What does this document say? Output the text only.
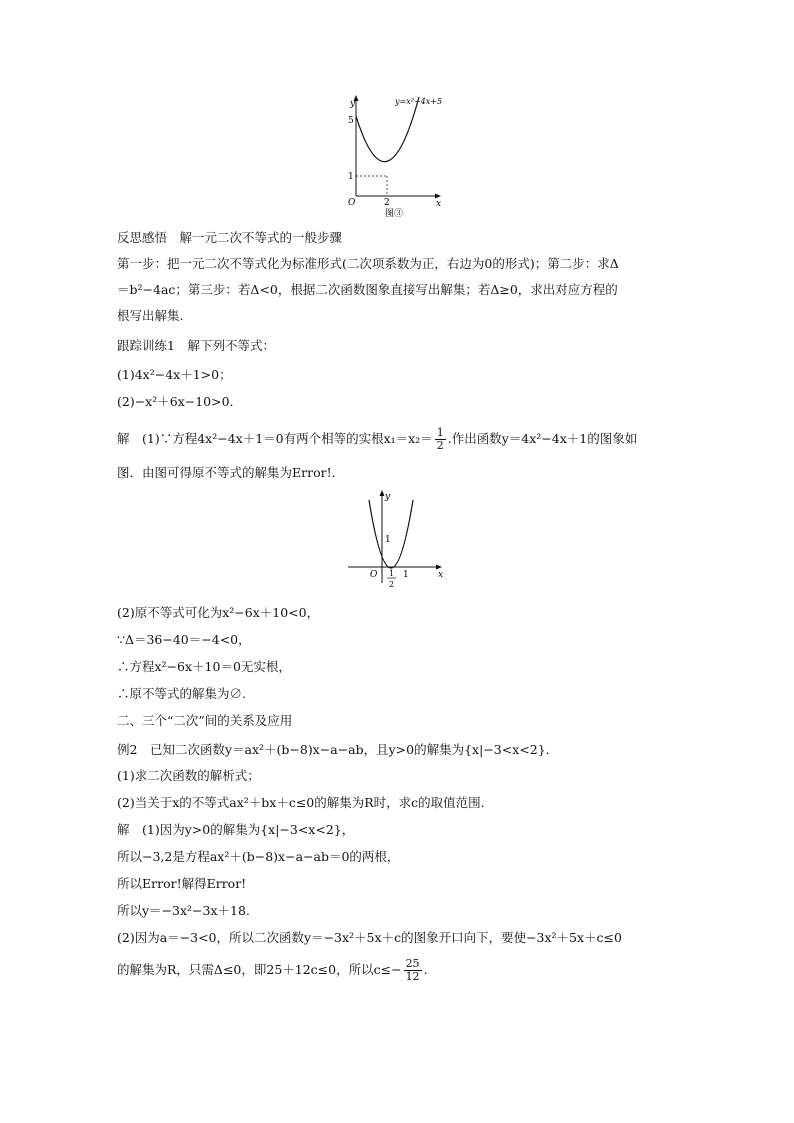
y
x
O
5
1
2
y=x²−4x+5
图③
反思感悟　解一元二次不等式的一般步骤
第一步：把一元二次不等式化为标准形式(二次项系数为正，右边为0的形式)；第二步：求Δ
＝b²−4ac；第三步：若Δ<0，根据二次函数图象直接写出解集；若Δ≥0，求出对应方程的
根写出解集.
跟踪训练1　解下列不等式：
(1)4x²−4x＋1>0；
(2)−x²＋6x−10>0.
解　(1)∵方程4x²−4x＋1＝0有两个相等的实根$x_1=x_2= \frac{1}{2}$ .作出函数y＝4x²−4x＋1的图象如
图．由图可得原不等式的解集为Error!.
y
x
O
1
1
2
1
(2)原不等式可化为x²−6x＋10<0，
∵Δ＝36−40＝−4<0，
∴方程x²−6x＋10＝0无实根，
∴原不等式的解集为∅.
二、三个“二次”间的关系及应用
例2　已知二次函数y＝ax²＋(b−8)x−a−ab，且y>0的解集为{x|−3<x<2}．
(1)求二次函数的解析式；
(2)当关于x的不等式ax²＋bx＋c≤0的解集为R时，求c的取值范围.
解　(1)因为y>0的解集为{x|−3<x<2}，
所以−3,2是方程ax²＋(b−8)x−a−ab＝0的两根，
所以Error!解得Error!
所以y＝−3x²−3x＋18.
(2)因为a＝−3<0，所以二次函数y＝−3x²＋5x＋c的图象开口向下，要使−3x²＋5x＋c≤0
的解集为R，只需Δ≤0，即25＋12c≤0，所以$c\le- \frac{25}{12}$ .
